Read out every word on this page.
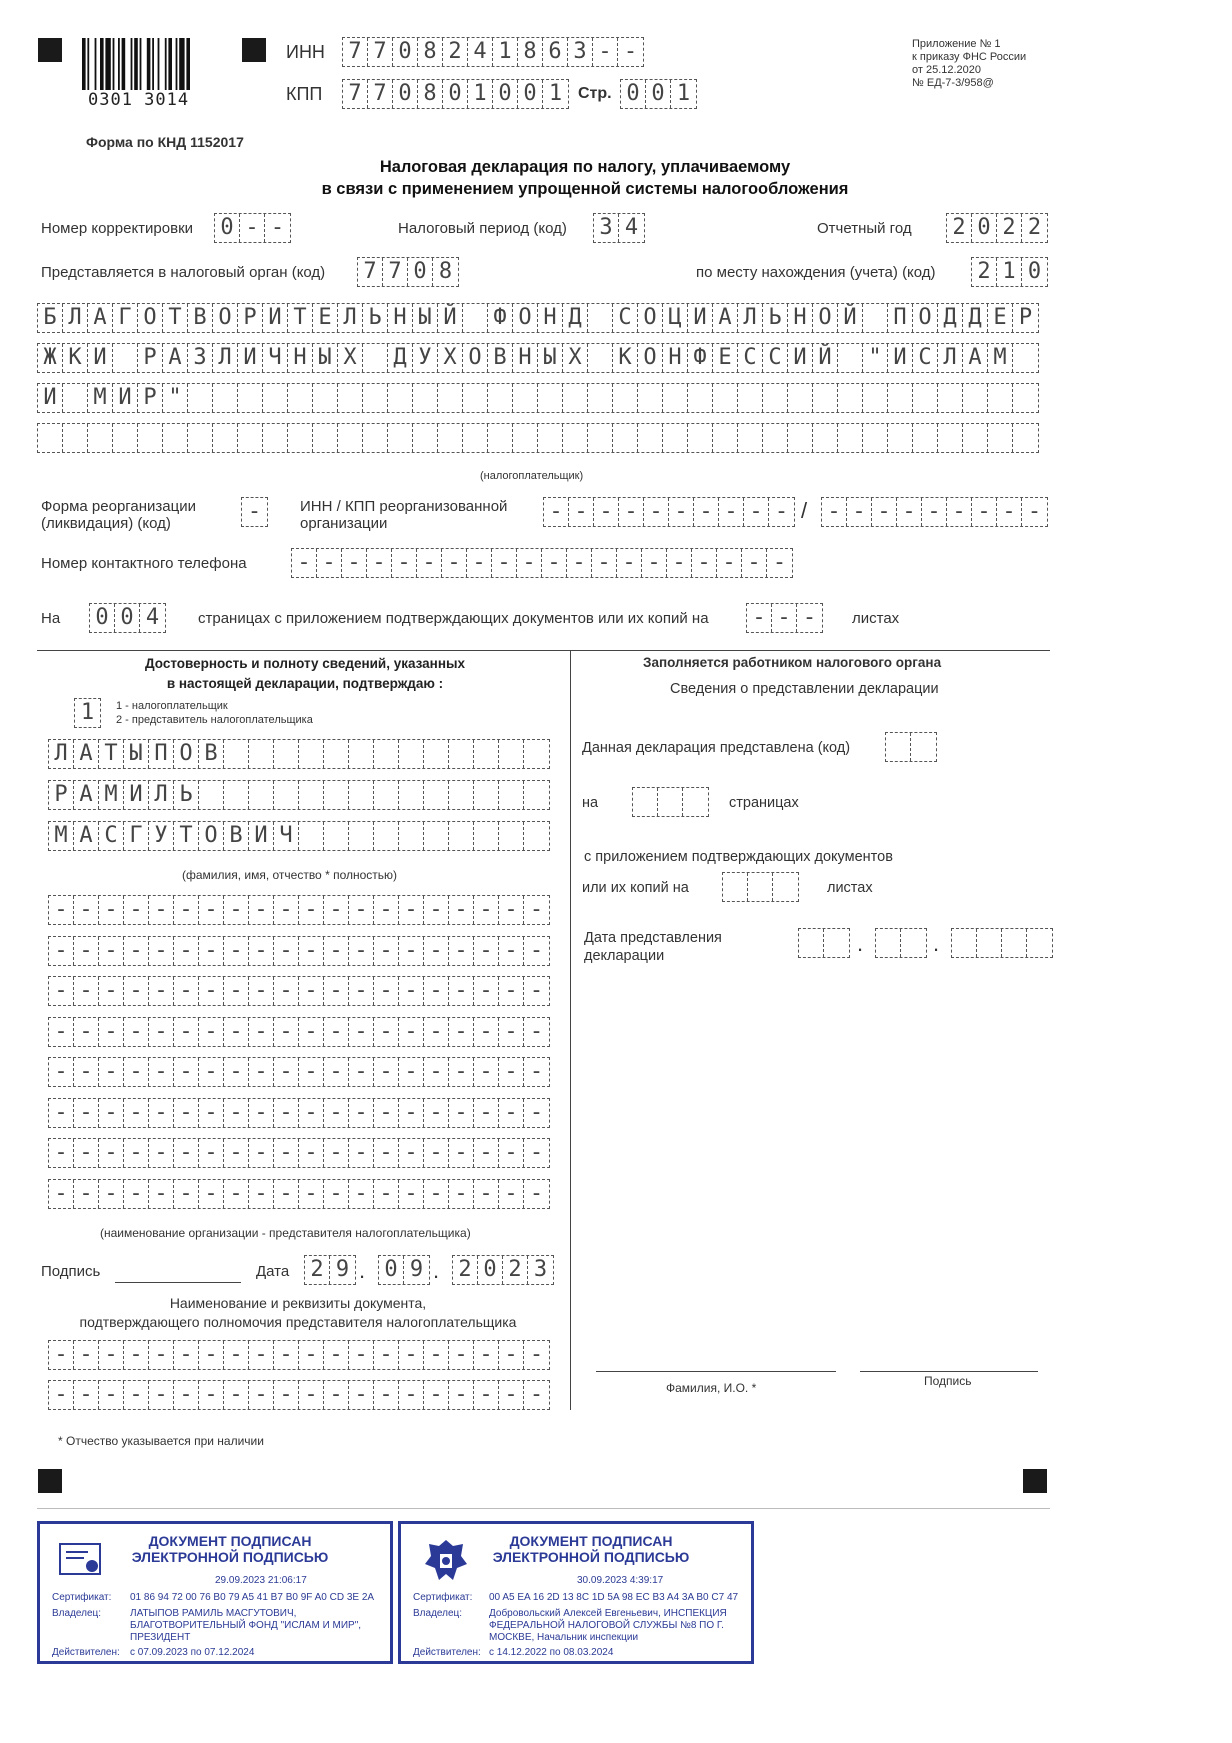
0301 3014
ИНН 7 7 0 8 2 4 1 8 6 3 - -
КПП 7 7 0 8 0 1 0 0 1 Стр. 0 0 1
Приложение № 1
к приказу ФНС России
от 25.12.2020
№ ЕД-7-3/958@
Форма по КНД 1152017
Налоговая декларация по налогу, уплачиваемому
в связи с применением упрощенной системы налогообложения
Номер корректировки 0 - -	Налоговый период (код) 3 4	Отчетный год 2 0 2 2
Представляется в налоговый орган (код) 7 7 0 8	по месту нахождения (учета) (код) 2 1 0
Б Л А Г О Т В О Р И Т Е Л Ь Н Ы Й Ф О Н Д С О Ц И А Л Ь Н О Й П О Д Д Е Р
Ж К И Р А З Л И Ч Н Ы Х Д У Х О В Н Ы Х К О Н Ф Е С С И Й " И С Л А М
И М И Р "
(налогоплательщик)
Форма реорганизации
(ликвидация) (код)	-	ИНН / КПП реорганизованной
организации	- - - - - - - - - - / - - - - - - - - -
Номер контактного телефона - - - - - - - - - - - - - - - - - - - -
На 0 0 4	страницах с приложением подтверждающих документов или их копий на - - -	листах
Достоверность и полноту сведений, указанных
в настоящей декларации, подтверждаю :
1	1 - налогоплательщик
2 - представитель налогоплательщика
Л А Т Ы П О В
Р А М И Л Ь
М А С Г У Т О В И Ч
(фамилия, имя, отчество * полностью)
- - - - - - - - - - - - - - - - - - - -
- - - - - - - - - - - - - - - - - - - -
- - - - - - - - - - - - - - - - - - - -
- - - - - - - - - - - - - - - - - - - -
- - - - - - - - - - - - - - - - - - - -
- - - - - - - - - - - - - - - - - - - -
- - - - - - - - - - - - - - - - - - - -
- - - - - - - - - - - - - - - - - - - -
(наименование организации - представителя налогоплательщика)
Подпись	Дата 2 9 . 0 9 . 2 0 2 3
Наименование и реквизиты документа,
подтверждающего полномочия представителя налогоплательщика
- - - - - - - - - - - - - - - - - - - -
- - - - - - - - - - - - - - - - - - - -
Заполняется работником налогового органа
Сведения о представлении декларации
Данная декларация представлена (код)
на	страницах
с приложением подтверждающих документов
или их копий на	листах
Дата представления
декларации	.	.
Фамилия, И.О. *	Подпись
* Отчество указывается при наличии
ДОКУМЕНТ ПОДПИСАН
ЭЛЕКТРОННОЙ ПОДПИСЬЮ
29.09.2023 21:06:17
Сертификат: 01 86 94 72 00 76 B0 79 A5 41 B7 B0 9F A0 CD 3E 2A
Владелец:	ЛАТЫПОВ РАМИЛЬ МАСГУТОВИЧ,
БЛАГОТВОРИТЕЛЬНЫЙ ФОНД "ИСЛАМ И МИР",
ПРЕЗИДЕНТ
Действителен: с 07.09.2023 по 07.12.2024
ДОКУМЕНТ ПОДПИСАН
ЭЛЕКТРОННОЙ ПОДПИСЬЮ
30.09.2023 4:39:17
Сертификат: 00 A5 EA 16 2D 13 8C 1D 5A 98 EC B3 A4 3A B0 C7 47
Владелец:	Добровольский Алексей Евгеньевич, ИНСПЕКЦИЯ
ФЕДЕРАЛЬНОЙ НАЛОГОВОЙ СЛУЖБЫ №8 ПО Г.
МОСКВЕ, Начальник инспекции
Действителен: с 14.12.2022 по 08.03.2024
